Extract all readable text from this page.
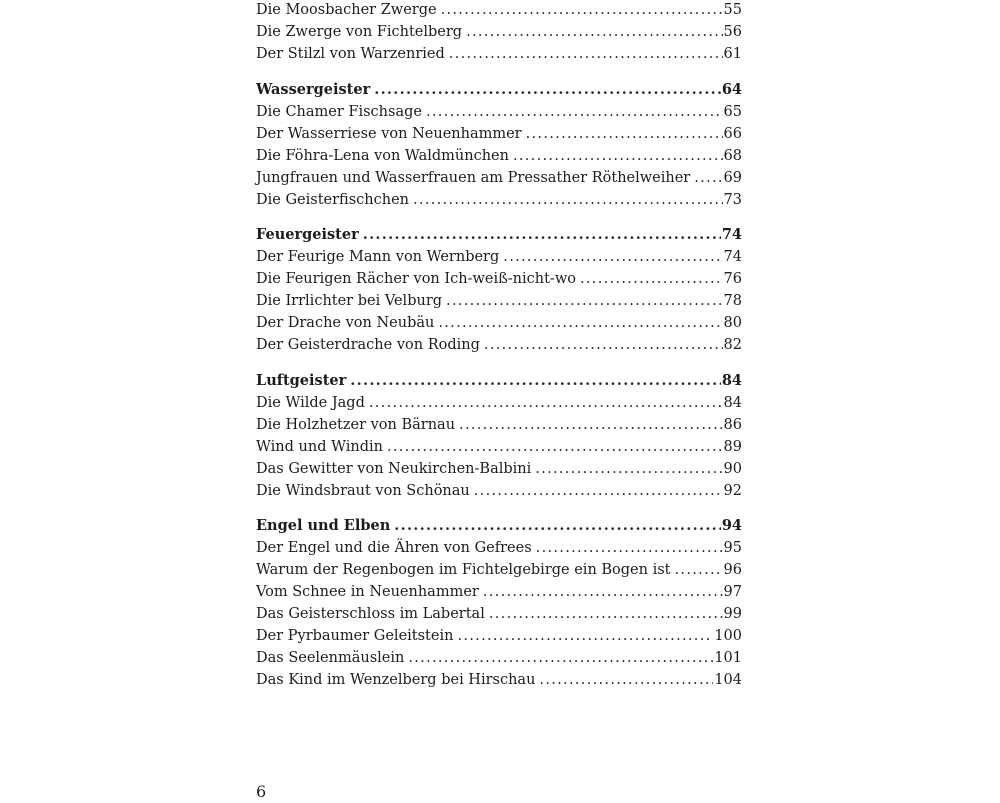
Die Moosbacher Zwerge .....	55
Die Zwerge von Fichtelberg .....	56
Der Stilzl von Warzenried .....	61
Wassergeister .....	64
Die Chamer Fischsage .....	65
Der Wasserriese von Neuenhammer .....	66
Die Föhra-Lena von Waldmünchen .....	68
Jungfrauen und Wasserfrauen am Pressather Röthelweiher ..... 69
Die Geisterfischchen .....	73
Feuergeister .....	74
Der Feurige Mann von Wernberg .....	74
Die Feurigen Rächer von Ich-weiß-nicht-wo .....	76
Die Irrlichter bei Velburg .....	78
Der Drache von Neubäu .....	80
Der Geisterdrache von Roding .....	82
Luftgeister .....	84
Die Wilde Jagd .....	84
Die Holzhetzer von Bärnau .....	86
Wind und Windin .....	89
Das Gewitter von Neukirchen-Balbini .....	90
Die Windsbraut von Schönau .....	92
Engel und Elben .....	94
Der Engel und die Ähren von Gefrees .....	95
Warum der Regenbogen im Fichtelgebirge ein Bogen ist .....	96
Vom Schnee in Neuenhammer .....	97
Das Geisterschloss im Labertal .....	99
Der Pyrbaumer Geleitstein .....	100
Das Seelenmäuslein .....	101
Das Kind im Wenzelberg bei Hirschau .....	104
6
